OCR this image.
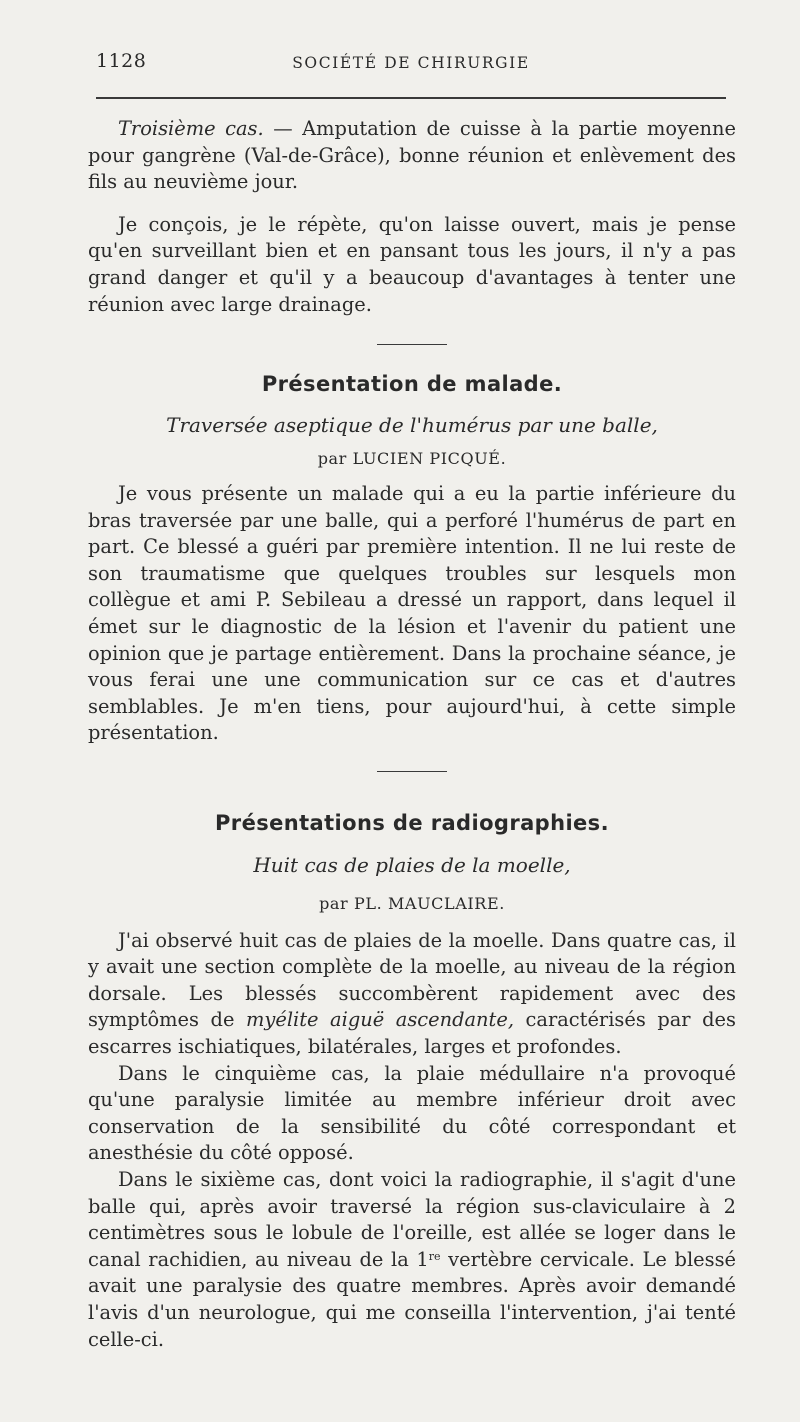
1128	SOCIÉTÉ DE CHIRURGIE

Troisième cas. — Amputation de cuisse à la partie moyenne pour gangrène (Val-de-Grâce), bonne réunion et enlèvement des fils au neuvième jour.

Je conçois, je le répète, qu'on laisse ouvert, mais je pense qu'en surveillant bien et en pansant tous les jours, il n'y a pas grand danger et qu'il y a beaucoup d'avantages à tenter une réunion avec large drainage.

Présentation de malade.
Traversée aseptique de l'humérus par une balle,
par LUCIEN PICQUÉ.

Je vous présente un malade qui a eu la partie inférieure du bras traversée par une balle, qui a perforé l'humérus de part en part. Ce blessé a guéri par première intention. Il ne lui reste de son traumatisme que quelques troubles sur lesquels mon collègue et ami P. Sebileau a dressé un rapport, dans lequel il émet sur le diagnostic de la lésion et l'avenir du patient une opinion que je partage entièrement. Dans la prochaine séance, je vous ferai une une communication sur ce cas et d'autres semblables. Je m'en tiens, pour aujourd'hui, à cette simple présentation.

Présentations de radiographies.
Huit cas de plaies de la moelle,
par PL. MAUCLAIRE.

J'ai observé huit cas de plaies de la moelle. Dans quatre cas, il y avait une section complète de la moelle, au niveau de la région dorsale. Les blessés succombèrent rapidement avec des symptômes de myélite aiguë ascendante, caractérisés par des escarres ischiatiques, bilatérales, larges et profondes.

Dans le cinquième cas, la plaie médullaire n'a provoqué qu'une paralysie limitée au membre inférieur droit avec conservation de la sensibilité du côté correspondant et anesthésie du côté opposé.

Dans le sixième cas, dont voici la radiographie, il s'agit d'une balle qui, après avoir traversé la région sus-claviculaire à 2 centimètres sous le lobule de l'oreille, est allée se loger dans le canal rachidien, au niveau de la 1re vertèbre cervicale. Le blessé avait une paralysie des quatre membres. Après avoir demandé l'avis d'un neurologue, qui me conseilla l'intervention, j'ai tenté celle-ci.
